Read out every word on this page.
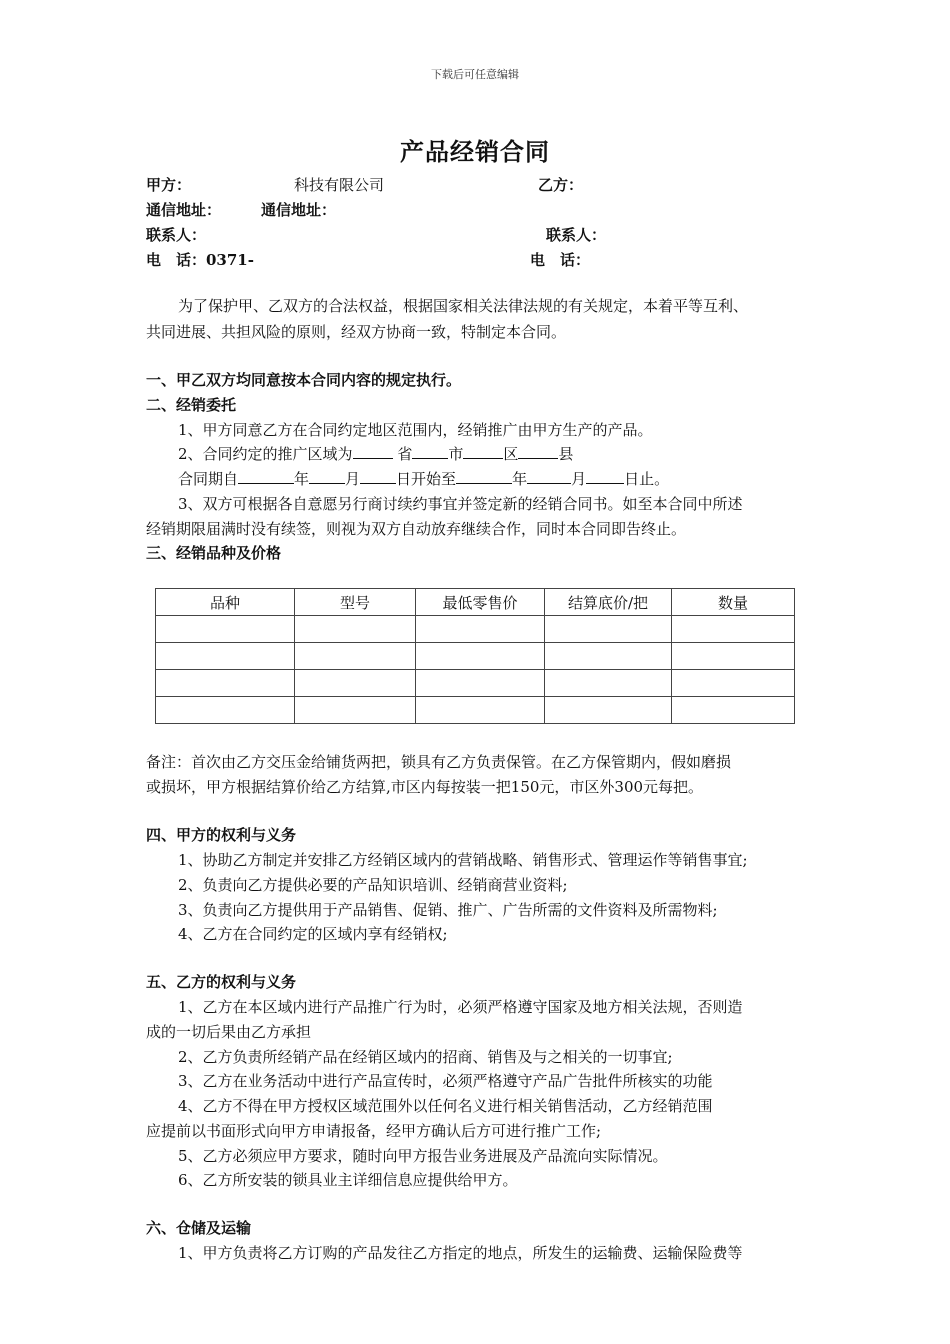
下载后可任意编辑
产品经销合同
甲方：	科技有限公司	乙方：
通信地址：	通信地址：
联系人：	联系人：
电　话：0371-	电　话：
为了保护甲、乙双方的合法权益，根据国家相关法律法规的有关规定，本着平等互利、
共同进展、共担风险的原则，经双方协商一致，特制定本合同。
一、甲乙双方均同意按本合同内容的规定执行。
二、经销委托
1、甲方同意乙方在合同约定地区范围内，经销推广由甲方生产的产品。
2、合同约定的推广区域为	省 市	区	县
合同期自	年 月 日开始至	年	月	日止。
3、双方可根据各自意愿另行商讨续约事宜并签定新的经销合同书。如至本合同中所述
经销期限届满时没有续签，则视为双方自动放弃继续合作，同时本合同即告终止。
三、经销品种及价格
品种	型号	最低零售价	结算底价/把	数量

备注：首次由乙方交压金给铺货两把，锁具有乙方负责保管。在乙方保管期内，假如磨损
或损坏，甲方根据结算价给乙方结算,市区内每按装一把150元，市区外300元每把。
四、甲方的权利与义务
1、协助乙方制定并安排乙方经销区域内的营销战略、销售形式、管理运作等销售事宜;
2、负责向乙方提供必要的产品知识培训、经销商营业资料;
3、负责向乙方提供用于产品销售、促销、推广、广告所需的文件资料及所需物料;
4、乙方在合同约定的区域内享有经销权;
五、乙方的权利与义务
1、乙方在本区域内进行产品推广行为时，必须严格遵守国家及地方相关法规，否则造
成的一切后果由乙方承担
2、乙方负责所经销产品在经销区域内的招商、销售及与之相关的一切事宜;
3、乙方在业务活动中进行产品宣传时，必须严格遵守产品广告批件所核实的功能
4、乙方不得在甲方授权区域范围外以任何名义进行相关销售活动，乙方经销范围
应提前以书面形式向甲方申请报备，经甲方确认后方可进行推广工作;
5、乙方必须应甲方要求，随时向甲方报告业务进展及产品流向实际情况。
6、乙方所安装的锁具业主详细信息应提供给甲方。
六、仓储及运输
1、甲方负责将乙方订购的产品发往乙方指定的地点，所发生的运输费、运输保险费等
